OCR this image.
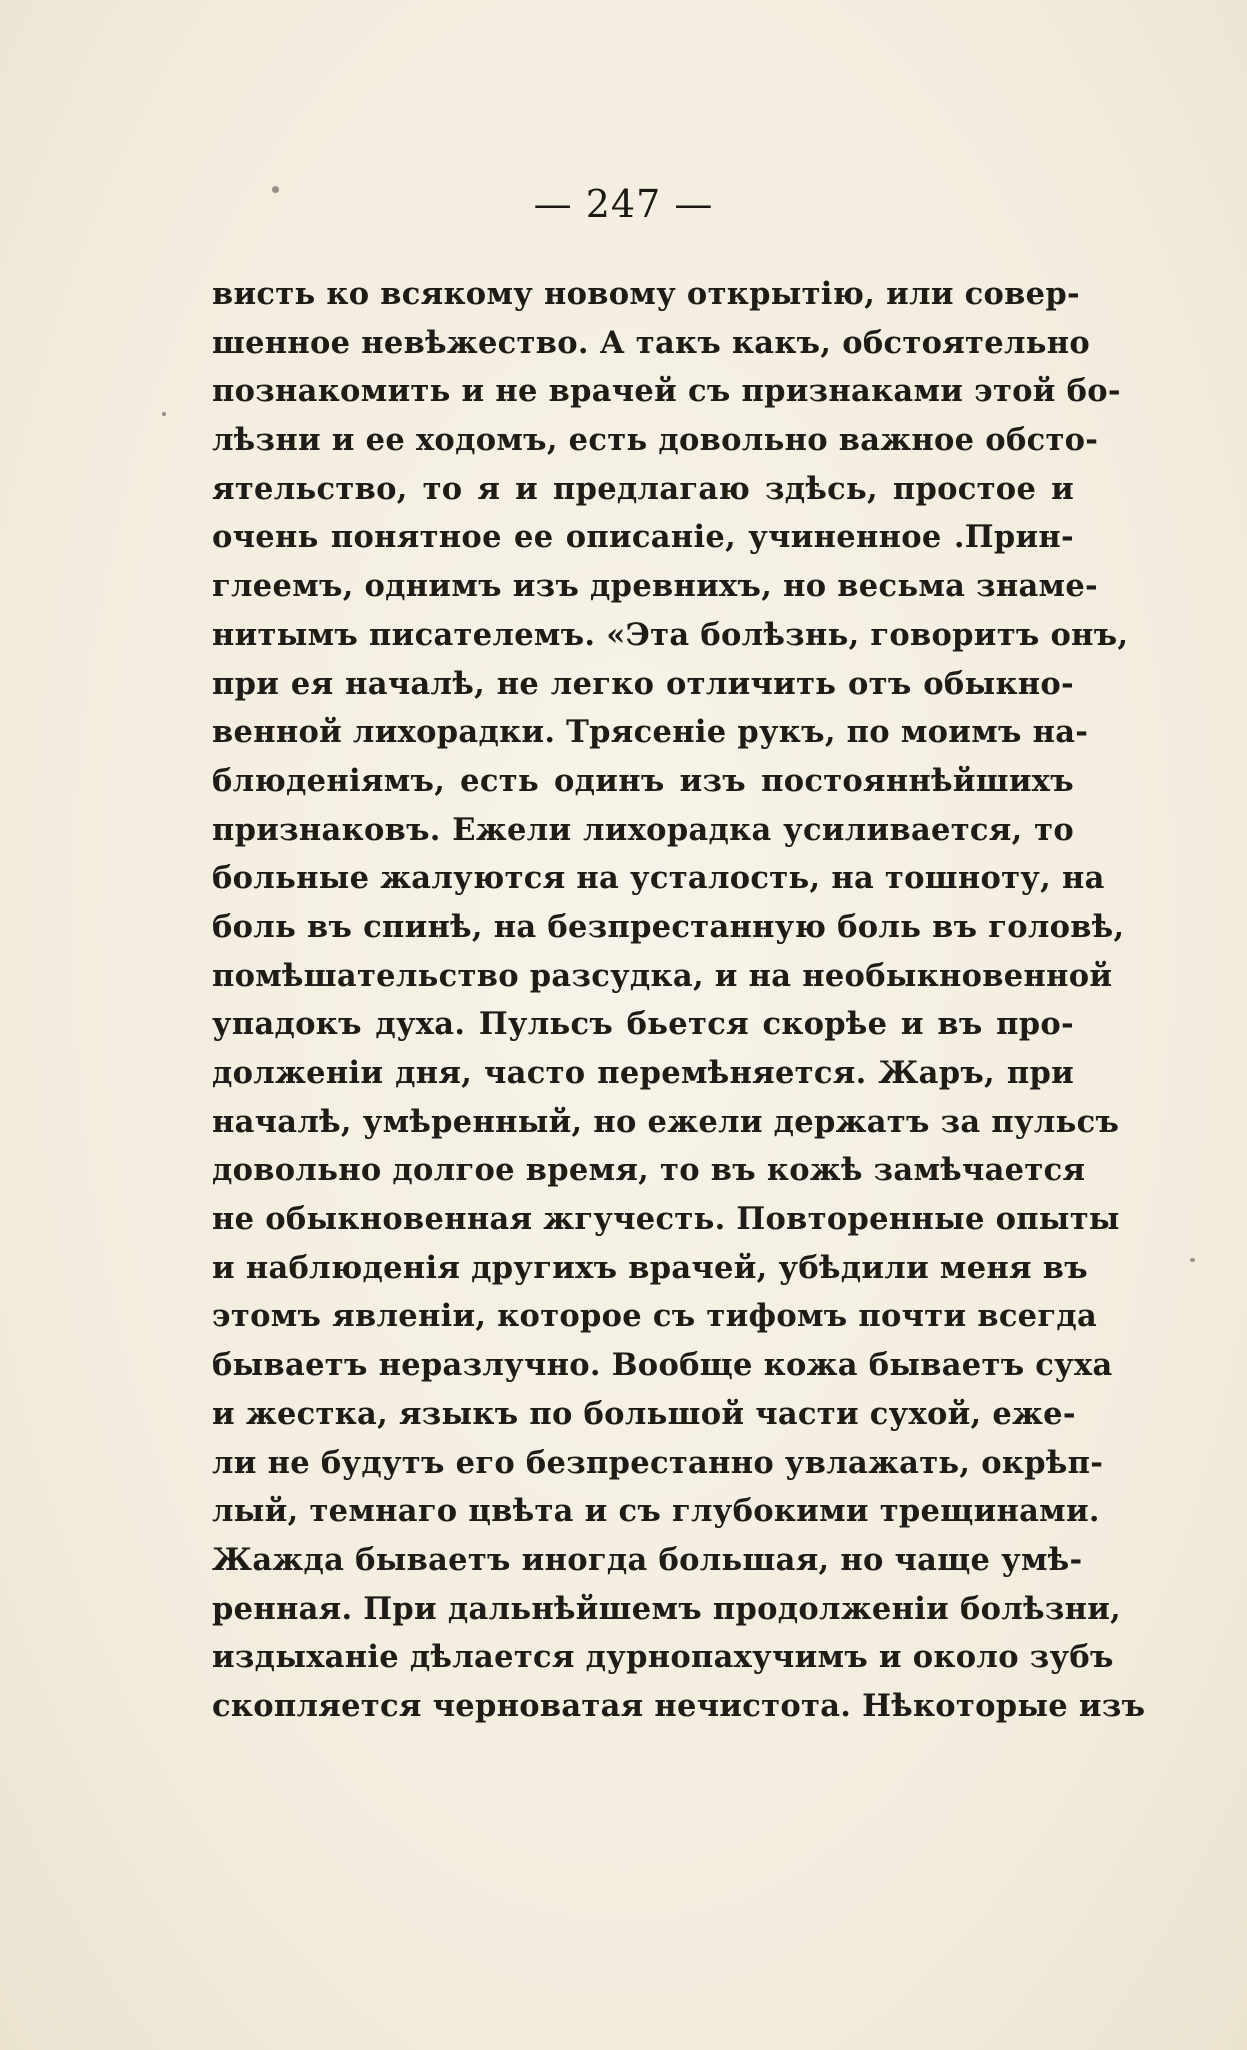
— 247 —
висть ко всякому новому открытію, или совер-
шенное невѣжество. А такъ какъ, обстоятельно
познакомить и не врачей съ признаками этой бо-
лѣзни и ее ходомъ, есть довольно важное обсто-
ятельство, то я и предлагаю здѣсь, простое и
очень понятное ее описаніе, учиненное .Прин-
глеемъ, однимъ изъ древнихъ, но весьма знаме-
нитымъ писателемъ. «Эта болѣзнь, говоритъ онъ,
при ея началѣ, не легко отличить отъ обыкно-
венной лихорадки. Трясеніе рукъ, по моимъ на-
блюденіямъ, есть одинъ изъ постояннѣйшихъ
признаковъ. Ежели лихорадка усиливается, то
больные жалуются на усталость, на тошноту, на
боль въ спинѣ, на безпрестанную боль въ головѣ,
помѣшательство разсудка, и на необыкновенной
упадокъ духа. Пульсъ бьется скорѣе и въ про-
долженіи дня, часто перемѣняется. Жаръ, при
началѣ, умѣренный, но ежели держатъ за пульсъ
довольно долгое время, то въ кожѣ замѣчается
не обыкновенная жгучесть. Повторенные опыты
и наблюденія другихъ врачей, убѣдили меня въ
этомъ явленіи, которое съ тифомъ почти всегда
бываетъ неразлучно. Вообще кожа бываетъ суха
и жестка, языкъ по большой части сухой, еже-
ли не будутъ его безпрестанно увлажать, окрѣп-
лый, темнаго цвѣта и съ глубокими трещинами.
Жажда бываетъ иногда большая, но чаще умѣ-
ренная. При дальнѣйшемъ продолженіи болѣзни,
издыханіе дѣлается дурнопахучимъ и около зубъ
скопляется черноватая нечистота. Нѣкоторые изъ
